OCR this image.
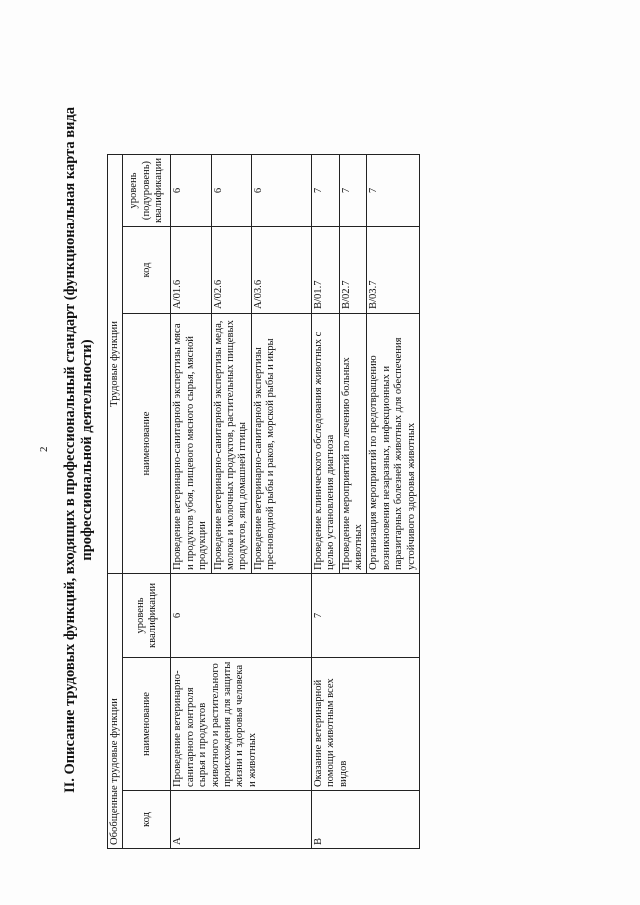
2 II. Описание трудовых функций, входящих в профессиональный стандарт (функциональная карта вида профессиональной деятельности)
Обобщенные трудовые функции			Трудовые функции		
код	наименование	уровень квалификации	наименование	код	уровень (подуровень) квалификации
А	Проведение ветеринарно-санитарного контроля сырья и продуктов животного и растительного происхождения для защиты жизни и здоровья человека и животных	6	Проведение ветеринарно-санитарной экспертизы мяса и продуктов убоя, пищевого мясного сырья, мясной продукции	А/01.6	6
			Проведение ветеринарно-санитарной экспертизы меда, молока и молочных продуктов, растительных пищевых продуктов, яиц домашней птицы	А/02.6	6
			Проведение ветеринарно-санитарной экспертизы пресноводной рыбы и раков, морской рыбы и икры	А/03.6	6
В	Оказание ветеринарной помощи животным всех видов	7	Проведение клинического обследования животных с целью установления диагноза	В/01.7	7
			Проведение мероприятий по лечению больных животных	В/02.7	7
			Организация мероприятий по предотвращению возникновения незаразных, инфекционных и паразитарных болезней животных для обеспечения устойчивого здоровья животных	В/03.7	7
